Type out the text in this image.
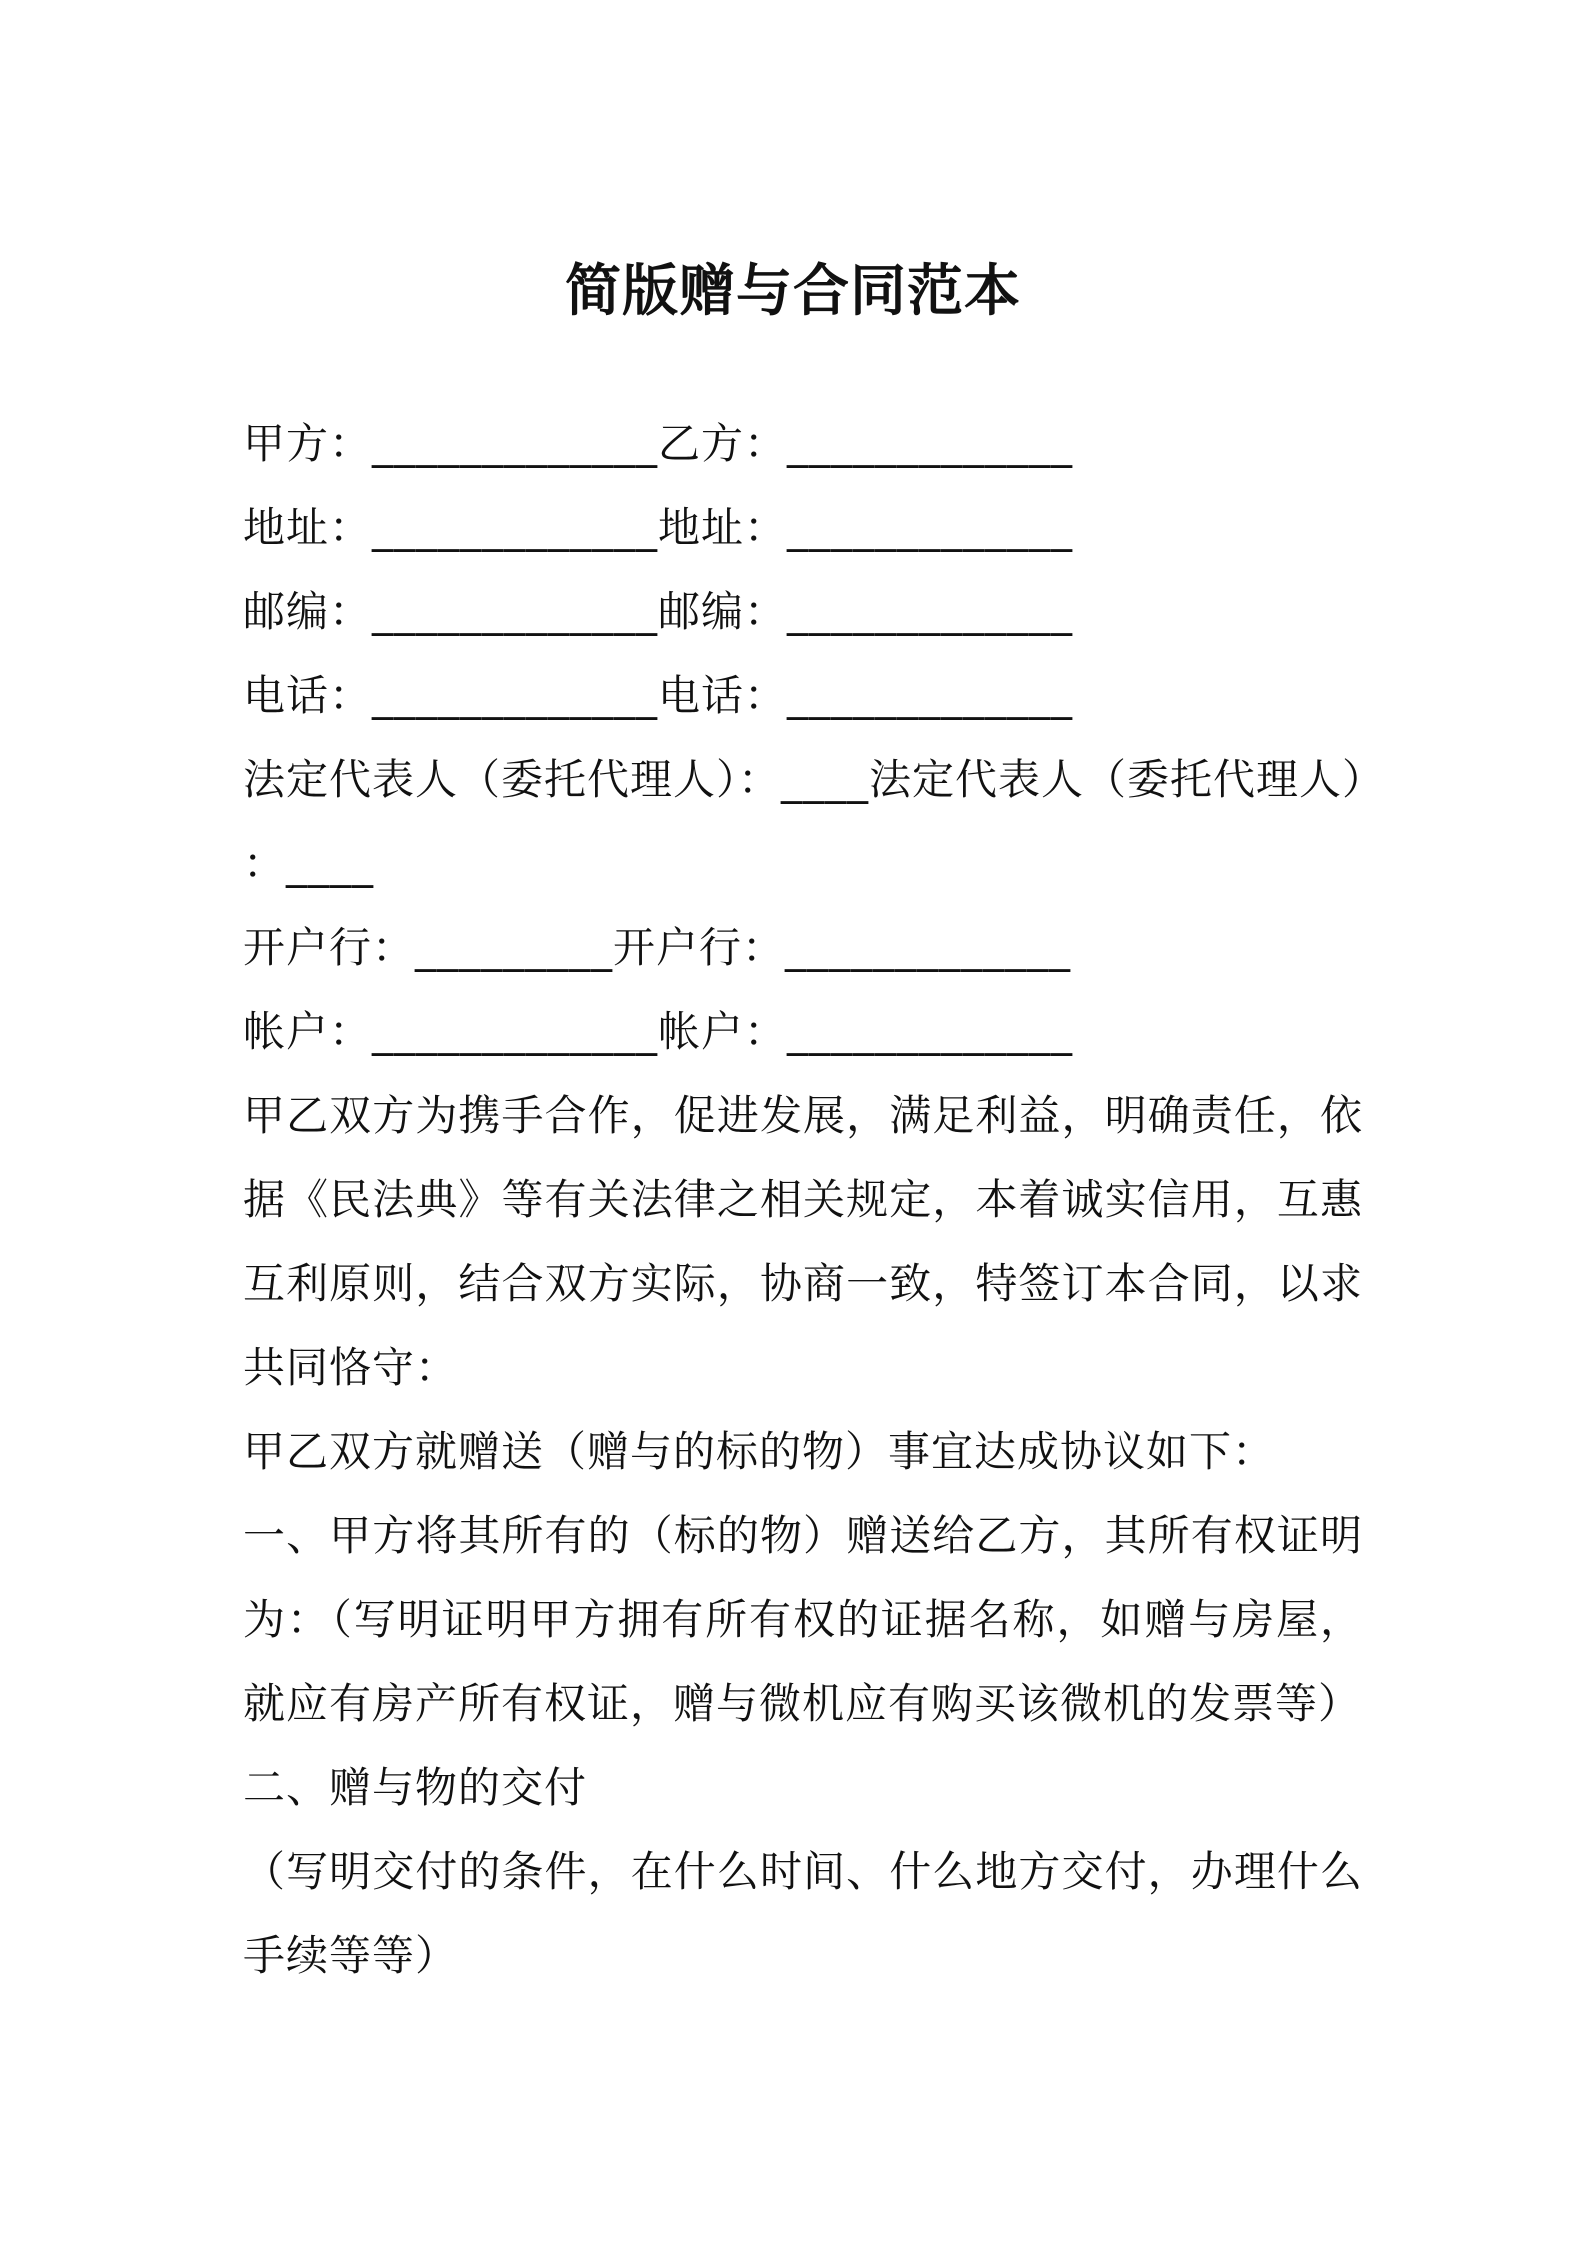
简版赠与合同范本
甲方：_____________乙方：_____________
地址：_____________地址：_____________
邮编：_____________邮编：_____________
电话：_____________电话：_____________
法定代表人（委托代理人）：____法定代表人（委托代理人）
：____
开户行：_________开户行：_____________
帐户：_____________帐户：_____________
甲乙双方为携手合作，促进发展，满足利益，明确责任，依据《民法典》等有关法律之相关规定，本着诚实信用，互惠互利原则，结合双方实际，协商一致，特签订本合同，以求共同恪守：
甲乙双方就赠送（赠与的标的物）事宜达成协议如下：
一、甲方将其所有的（标的物）赠送给乙方，其所有权证明为：（写明证明甲方拥有所有权的证据名称，如赠与房屋，就应有房产所有权证，赠与微机应有购买该微机的发票等）
二、赠与物的交付
（写明交付的条件，在什么时间、什么地方交付，办理什么手续等等）
